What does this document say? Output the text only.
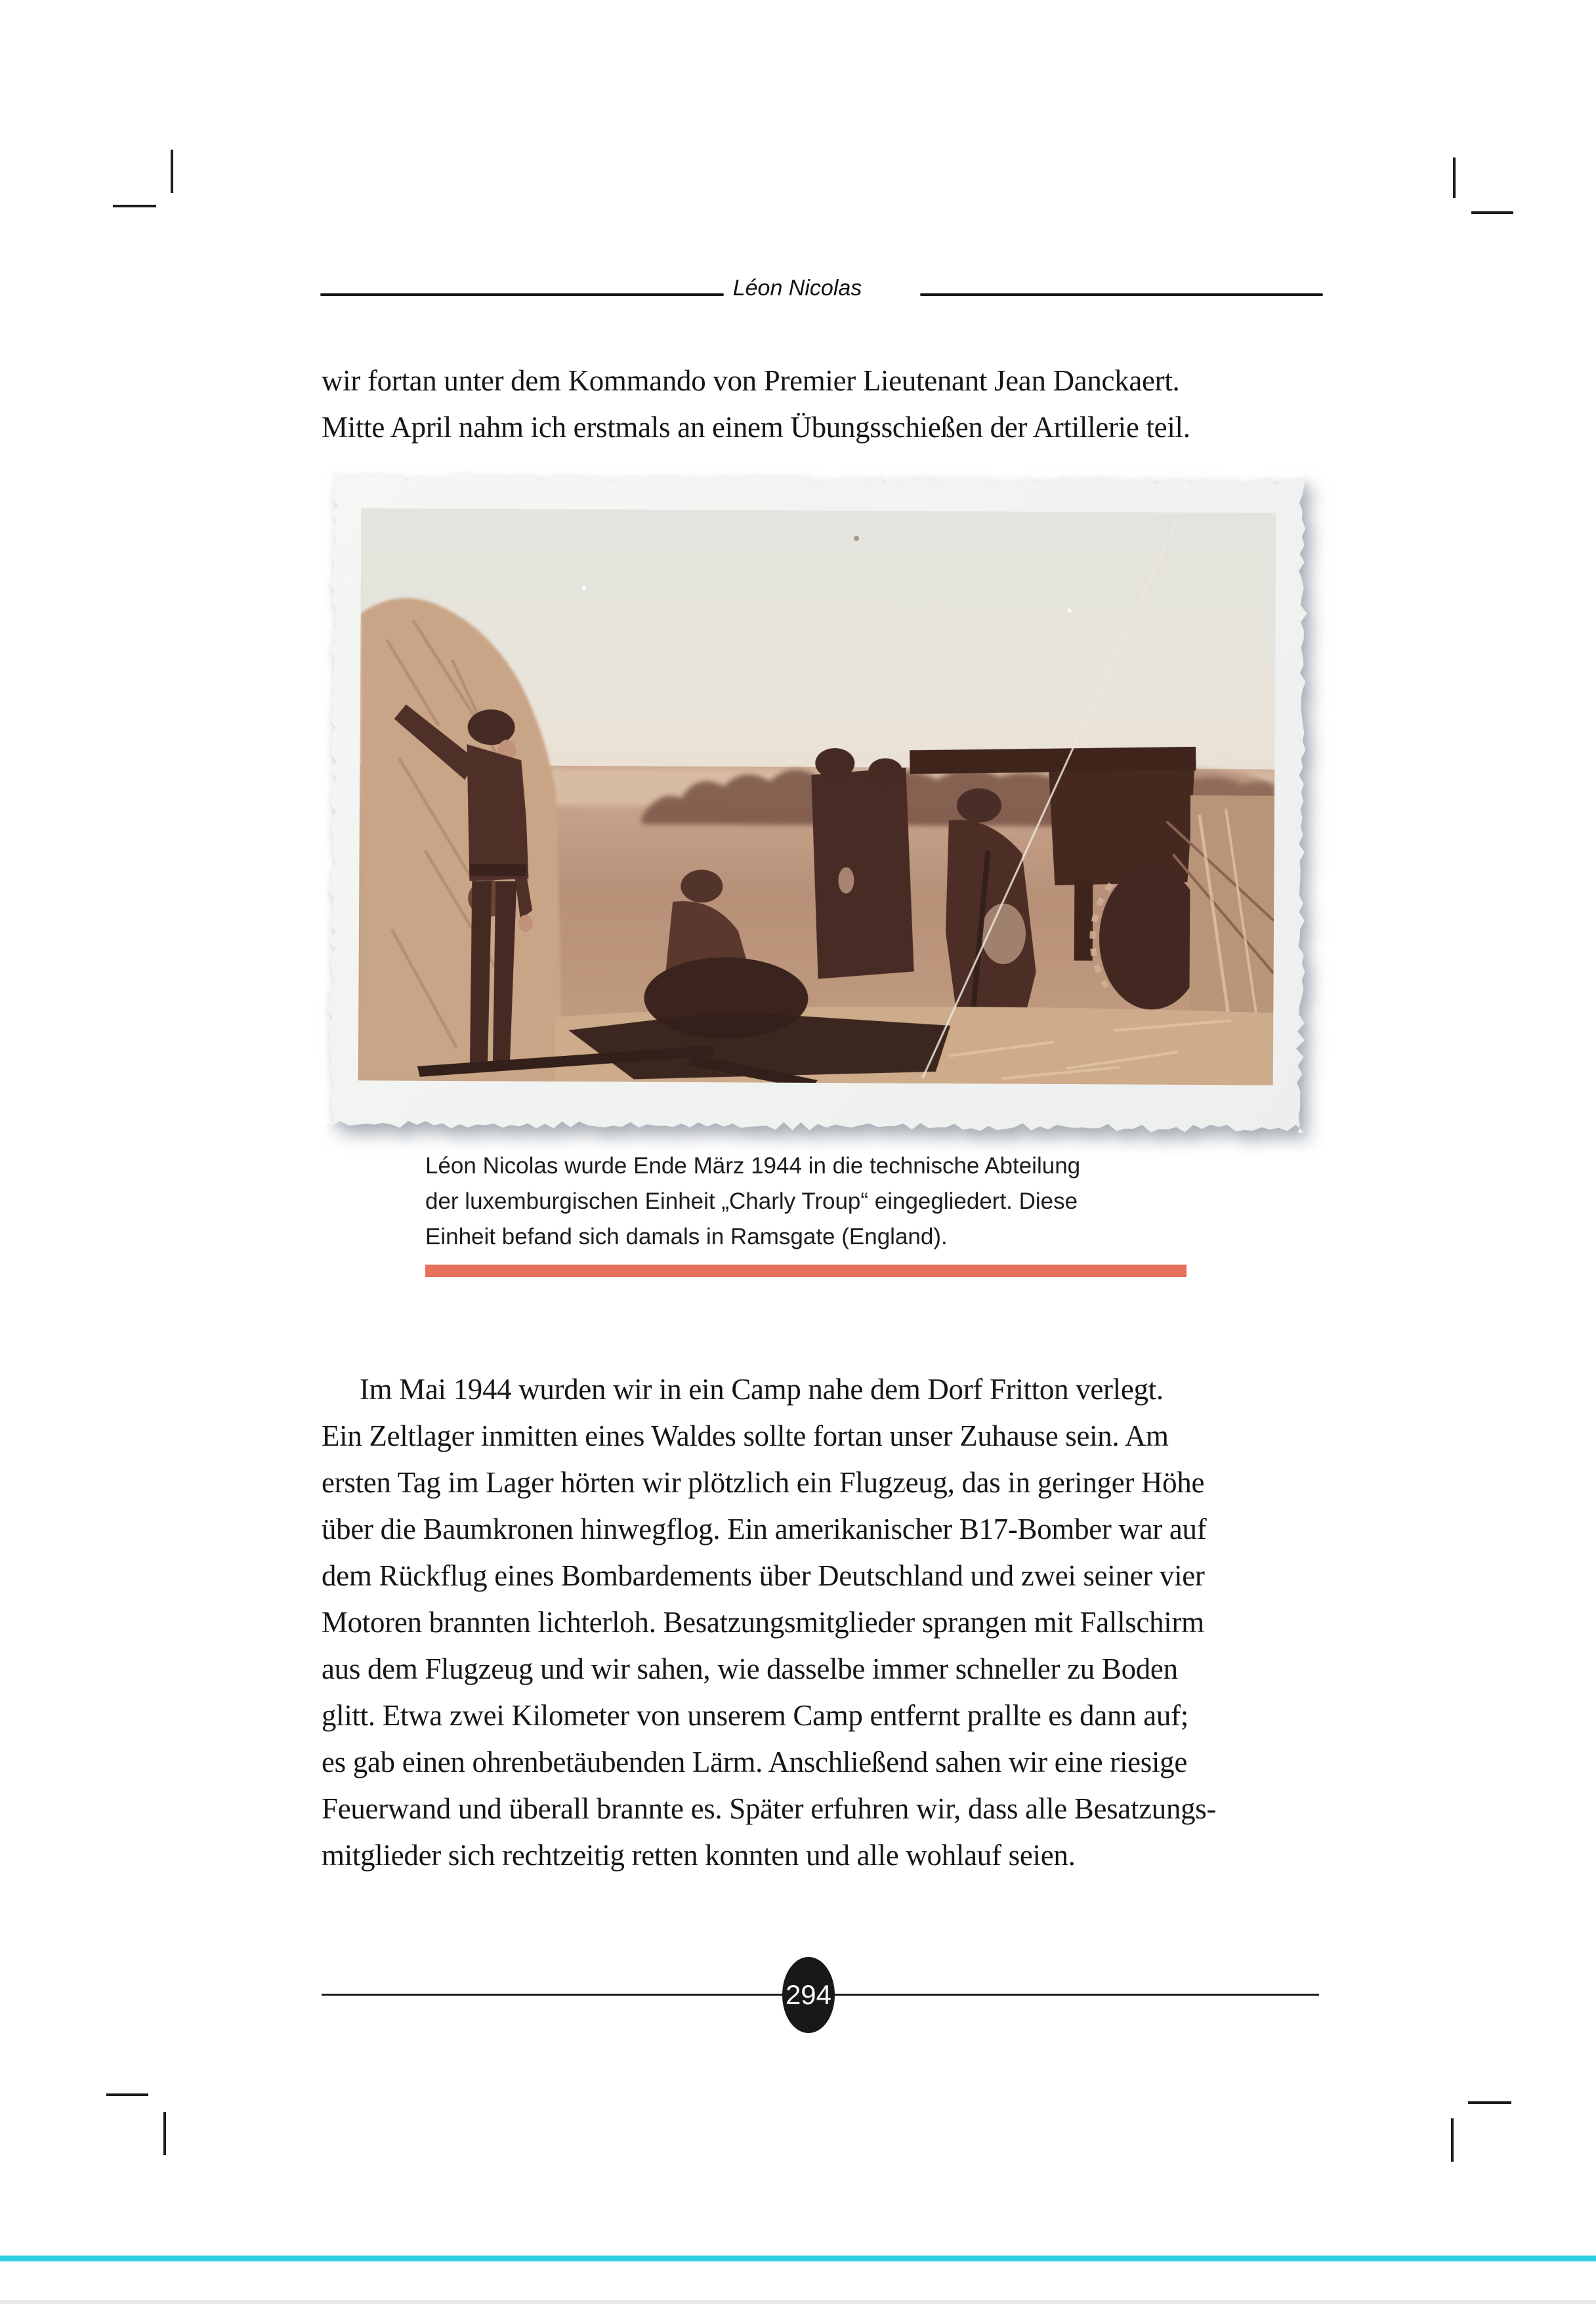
Léon Nicolas
wir fortan unter dem Kommando von Premier Lieutenant Jean Danckaert.
Mitte April nahm ich erstmals an einem Übungsschießen der Artillerie teil.
Léon Nicolas wurde Ende März 1944 in die technische Abteilung
der luxemburgischen Einheit „Charly Troup“ eingegliedert. Diese
Einheit befand sich damals in Ramsgate (England).
Im Mai 1944 wurden wir in ein Camp nahe dem Dorf Fritton verlegt.
Ein Zeltlager inmitten eines Waldes sollte fortan unser Zuhause sein. Am
ersten Tag im Lager hörten wir plötzlich ein Flugzeug, das in geringer Höhe
über die Baumkronen hinwegflog. Ein amerikanischer B17-Bomber war auf
dem Rückflug eines Bombardements über Deutschland und zwei seiner vier
Motoren brannten lichterloh. Besatzungsmitglieder sprangen mit Fallschirm
aus dem Flugzeug und wir sahen, wie dasselbe immer schneller zu Boden
glitt. Etwa zwei Kilometer von unserem Camp entfernt prallte es dann auf;
es gab einen ohrenbetäubenden Lärm. Anschließend sahen wir eine riesige
Feuerwand und überall brannte es. Später erfuhren wir, dass alle Besatzungs-
mitglieder sich rechtzeitig retten konnten und alle wohlauf seien.
294
